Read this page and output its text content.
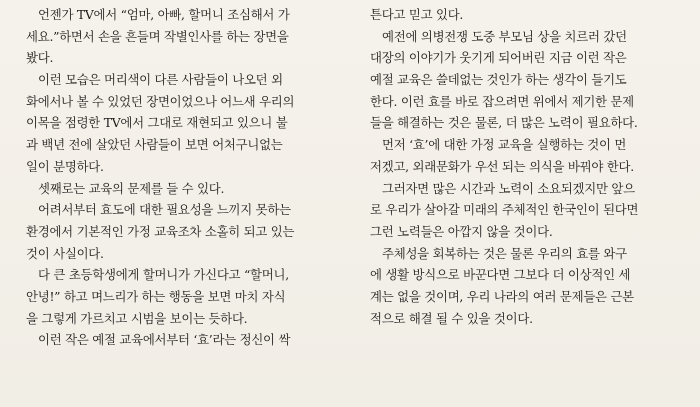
언젠가 TV에서 “엄마, 아빠, 할머니 조심해서 가
세요.”하면서 손을 흔들며 작별인사를 하는 장면을
봤다.
이런 모습은 머리색이 다른 사람들이 나오던 외
화에서나 볼 수 있었던 장면이었으나 어느새 우리의
이목을 점령한 TV에서 그대로 재현되고 있으니 불
과 백년 전에 살았던 사람들이 보면 어처구니없는
일이 분명하다.
셋째로는 교육의 문제를 들 수 있다.
어려서부터 효도에 대한 필요성을 느끼지 못하는
환경에서 기본적인 가정 교육조차 소홀히 되고 있는
것이 사실이다.
다 큰 초등학생에게 할머니가 가신다고 “할머니,
안녕!” 하고 며느리가 하는 행동을 보면 마치 자식
을 그렇게 가르치고 시범을 보이는 듯하다.
이런 작은 예절 교육에서부터 ‘효’라는 정신이 싹
튼다고 믿고 있다.
예전에 의병전쟁 도중 부모님 상을 치르러 갔던
대장의 이야기가 웃기게 되어버린 지금 이런 작은
예절 교육은 쓸데없는 것인가 하는 생각이 들기도
한다. 이런 효를 바로 잡으려면 위에서 제기한 문제
들을 해결하는 것은 물론, 더 많은 노력이 필요하다.
먼저 ‘효’에 대한 가정 교육을 실행하는 것이 먼
저겠고, 외래문화가 우선 되는 의식을 바꿔야 한다.
그러자면 많은 시간과 노력이 소요되겠지만 앞으
로 우리가 살아갈 미래의 주체적인 한국인이 된다면
그런 노력들은 아깝지 않을 것이다.
주체성을 회복하는 것은 물론 우리의 효를 와구
에 생활 방식으로 바꾼다면 그보다 더 이상적인 세
계는 없을 것이며, 우리 나라의 여러 문제들은 근본
적으로 해결 될 수 있을 것이다.
